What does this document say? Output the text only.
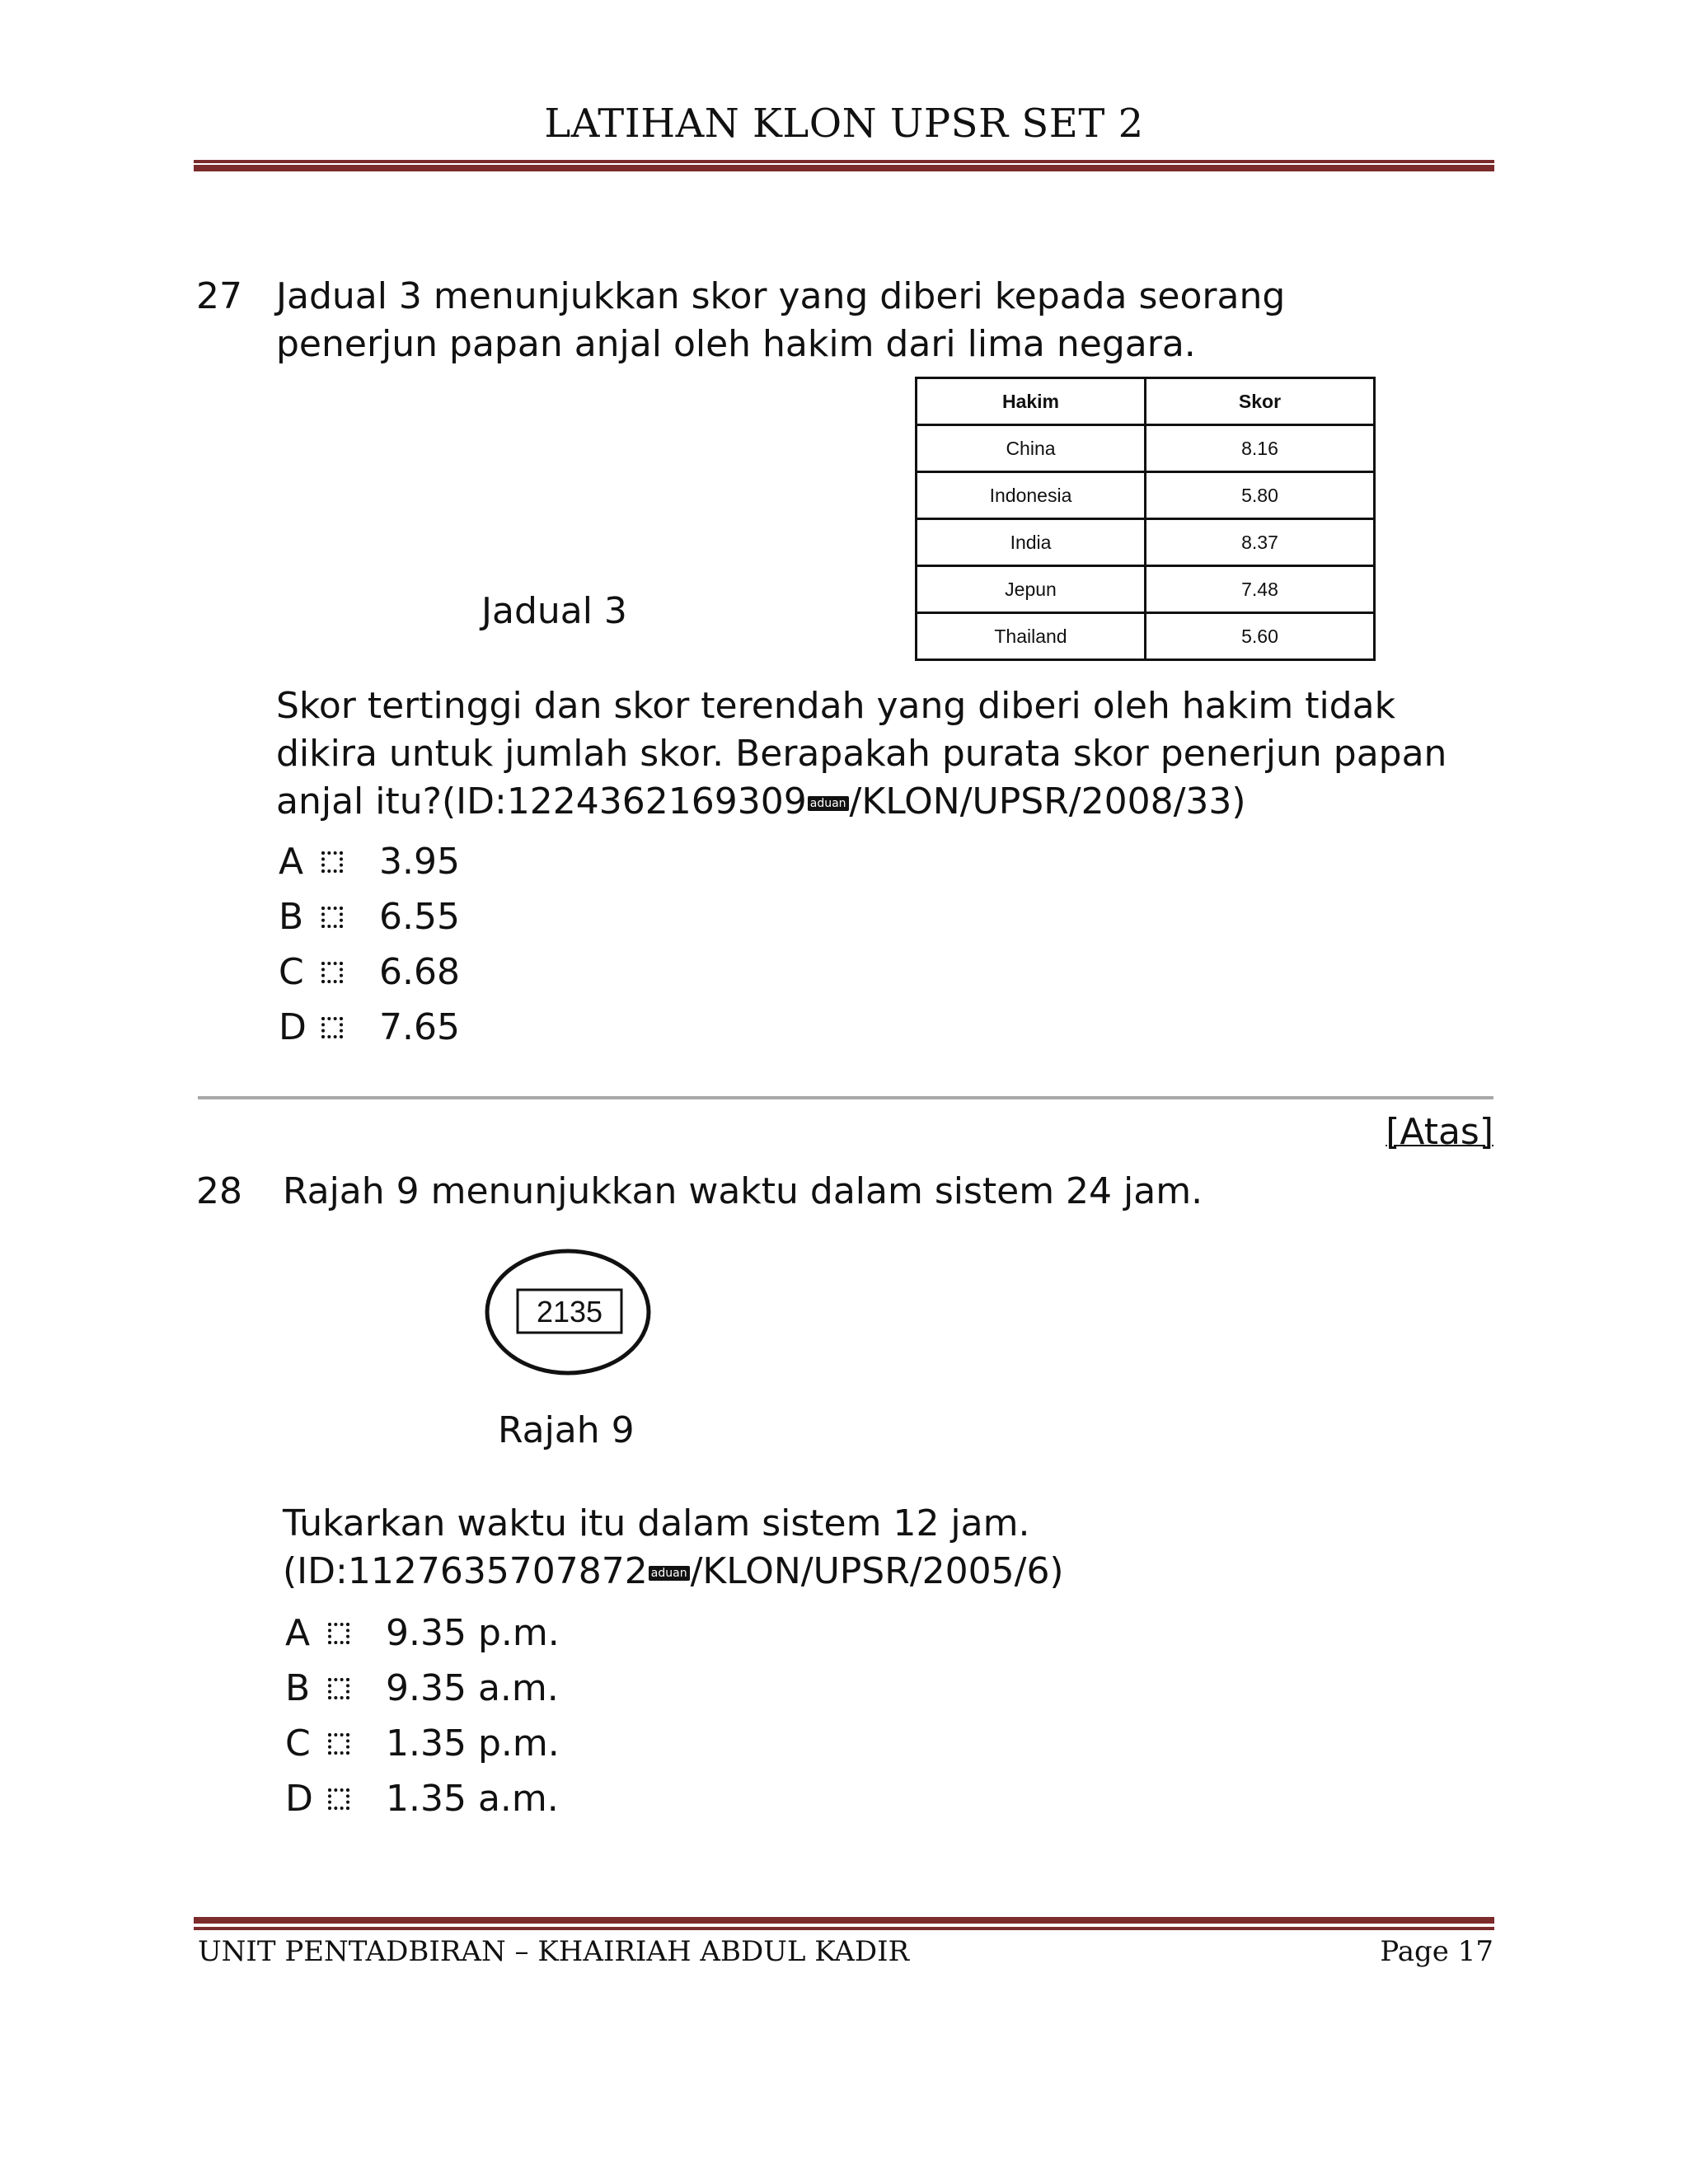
LATIHAN KLON UPSR SET 2
27 Jadual 3 menunjukkan skor yang diberi kepada seorang
penerjun papan anjal oleh hakim dari lima negara.
Jadual 3
Hakim	Skor
China	8.16
Indonesia	5.80
India	8.37
Jepun	7.48
Thailand	5.60
Skor tertinggi dan skor terendah yang diberi oleh hakim tidak
dikira untuk jumlah skor. Berapakah purata skor penerjun papan
anjal itu?(ID:1224362169309 aduan/KLON/UPSR/2008/33)
A	3.95
B	6.55
C	6.68
D	7.65
[Atas]
28 Rajah 9 menunjukkan waktu dalam sistem 24 jam.
2135
Rajah 9
Tukarkan waktu itu dalam sistem 12 jam.
(ID:1127635707872 aduan/KLON/UPSR/2005/6)
A	9.35 p.m.
B	9.35 a.m.
C	1.35 p.m.
D	1.35 a.m.
UNIT PENTADBIRAN – KHAIRIAH ABDUL KADIR	Page 17
